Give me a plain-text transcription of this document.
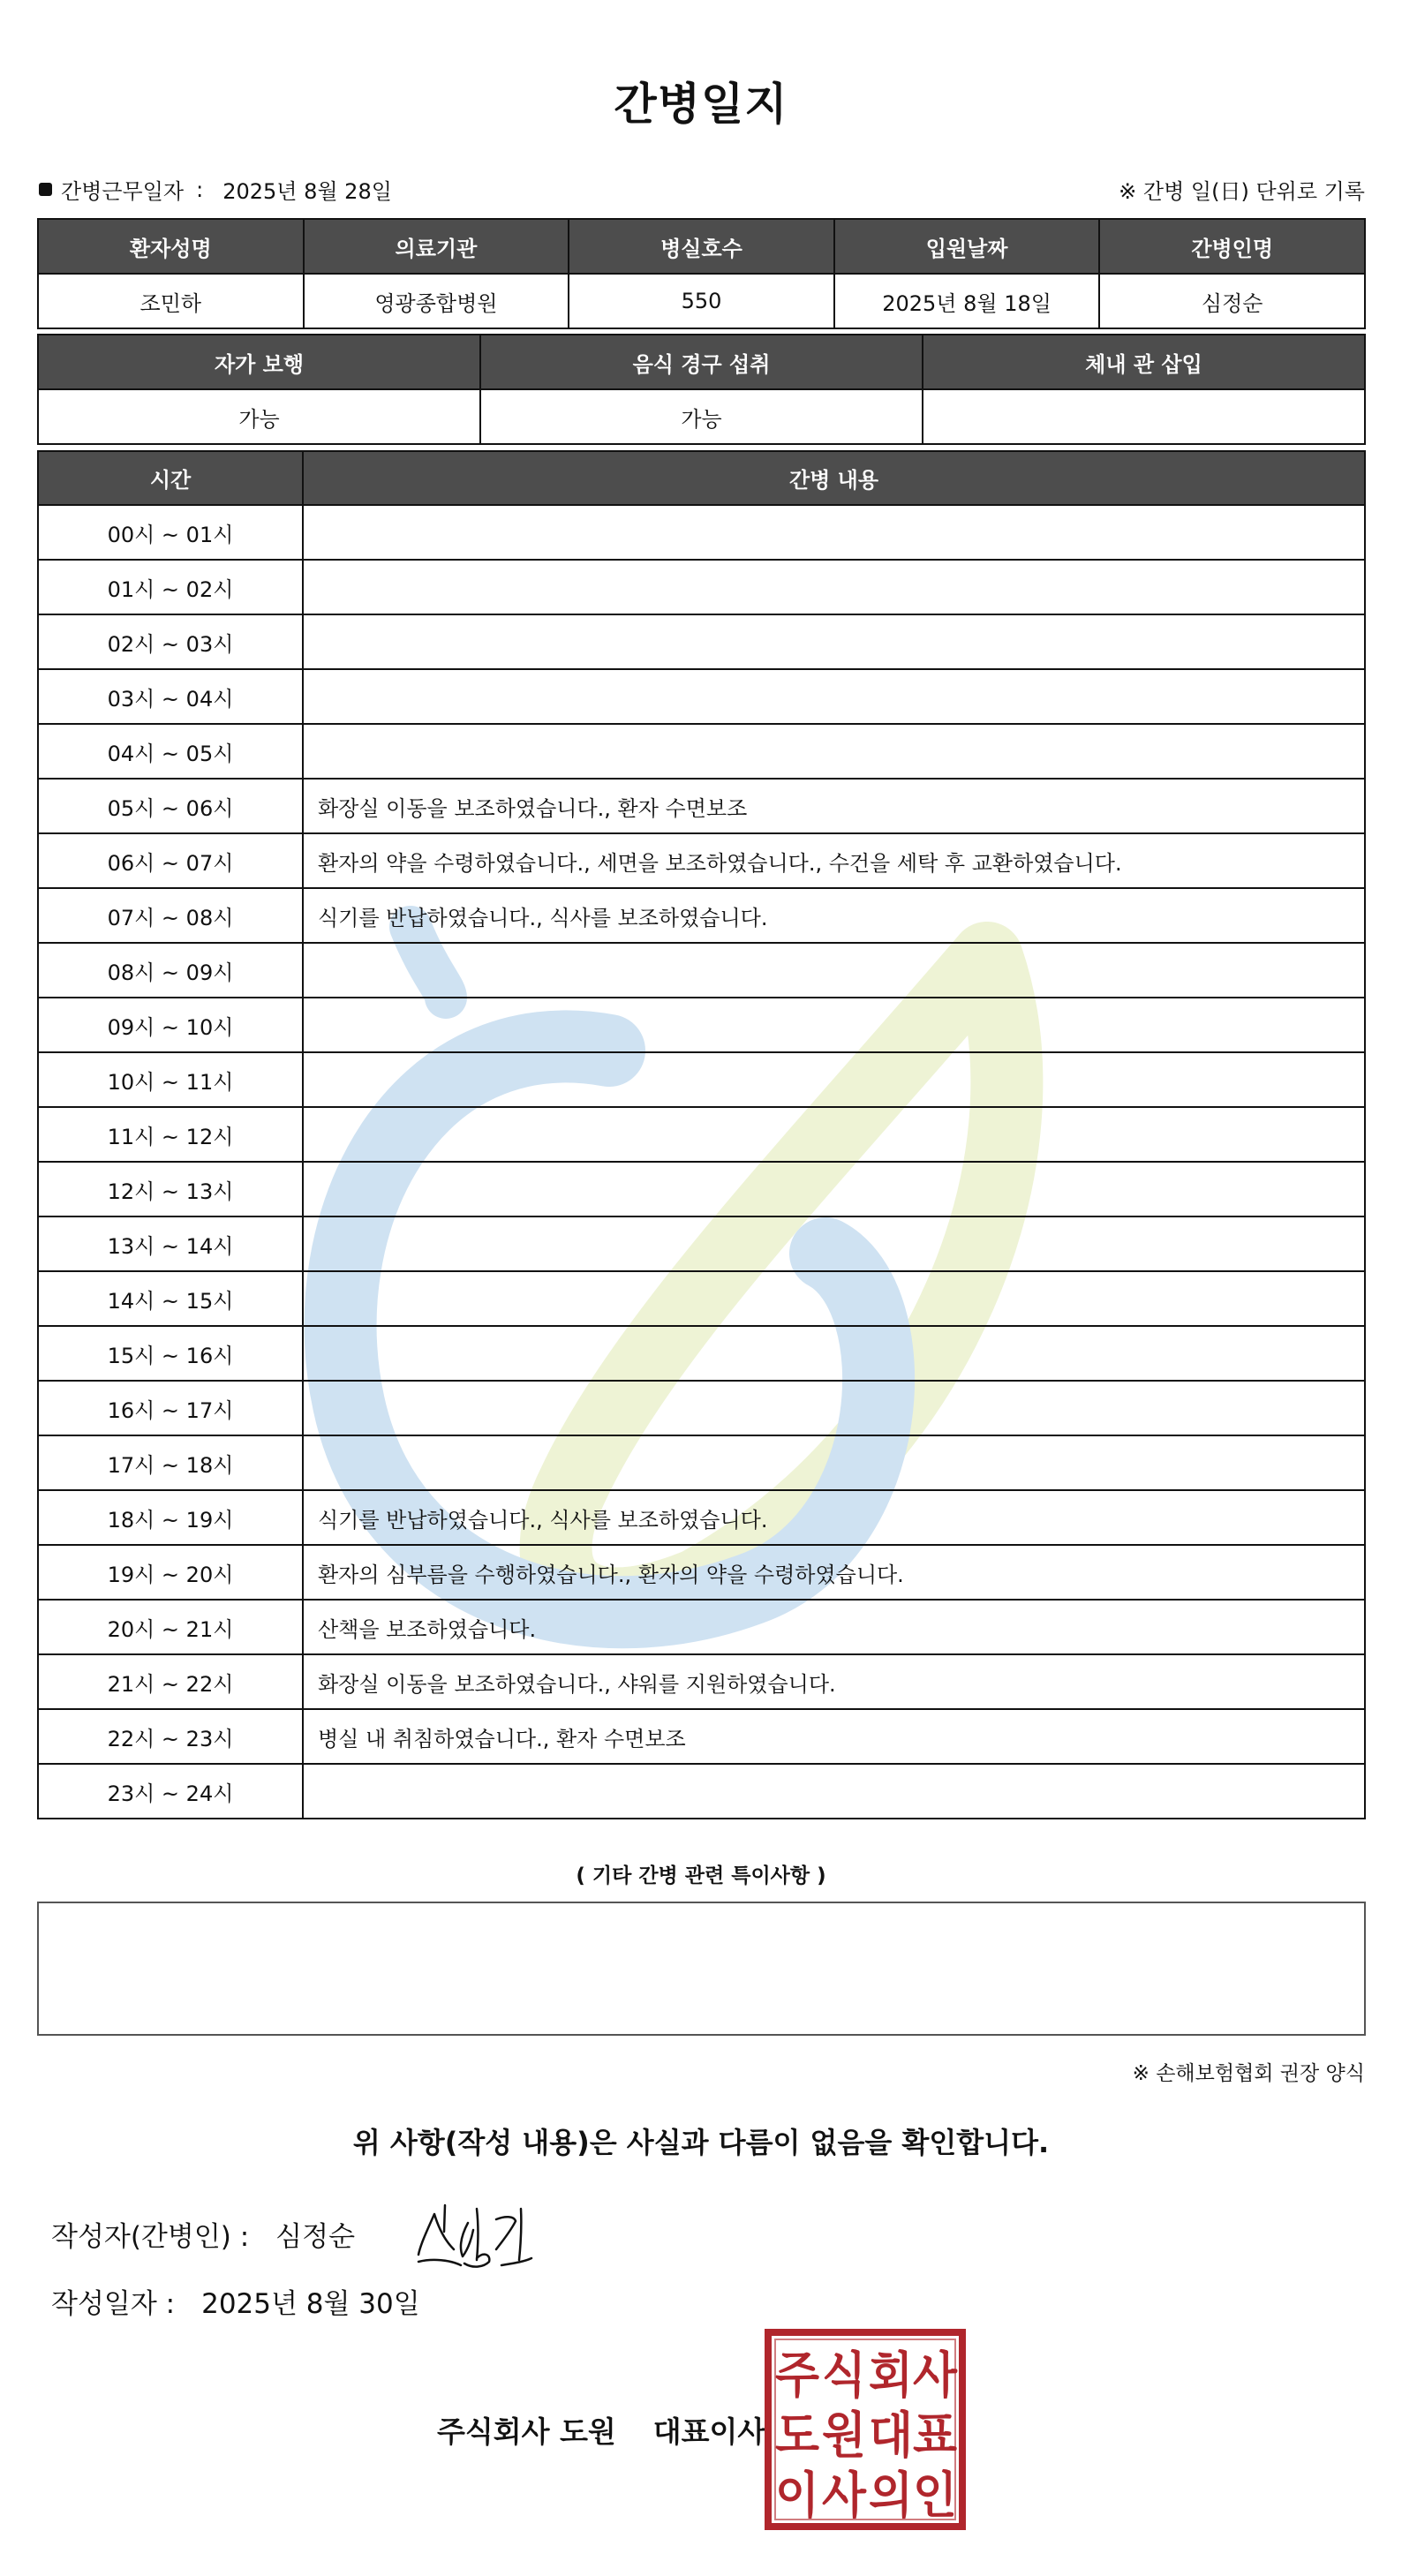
간병일지
간병근무일자 : 2025년 8월 28일	※ 간병 일(日) 단위로 기록
환자성명	의료기관	병실호수	입원날짜	간병인명
조민하	영광종합병원	550	2025년 8월 18일	심정순
자가 보행	음식 경구 섭취	체내 관 삽입
가능	가능	
시간	간병 내용
00시 ~ 01시	
01시 ~ 02시	
02시 ~ 03시	
03시 ~ 04시	
04시 ~ 05시	
05시 ~ 06시	화장실 이동을 보조하였습니다., 환자 수면보조
06시 ~ 07시	환자의 약을 수령하였습니다., 세면을 보조하였습니다., 수건을 세탁 후 교환하였습니다.
07시 ~ 08시	식기를 반납하였습니다., 식사를 보조하였습니다.
08시 ~ 09시	
09시 ~ 10시	
10시 ~ 11시	
11시 ~ 12시	
12시 ~ 13시	
13시 ~ 14시	
14시 ~ 15시	
15시 ~ 16시	
16시 ~ 17시	
17시 ~ 18시	
18시 ~ 19시	식기를 반납하였습니다., 식사를 보조하였습니다.
19시 ~ 20시	환자의 심부름을 수행하였습니다., 환자의 약을 수령하였습니다.
20시 ~ 21시	산책을 보조하였습니다.
21시 ~ 22시	화장실 이동을 보조하였습니다., 샤워를 지원하였습니다.
22시 ~ 23시	병실 내 취침하였습니다., 환자 수면보조
23시 ~ 24시	
( 기타 간병 관련 특이사항 )
※ 손해보험협회 권장 양식
위 사항(작성 내용)은 사실과 다름이 없음을 확인합니다.
작성자(간병인) : 심정순
작성일자 : 2025년 8월 30일
주식회사 도원 대표이사
주 식 회 사
도 원 대 표
이 사 의 인
